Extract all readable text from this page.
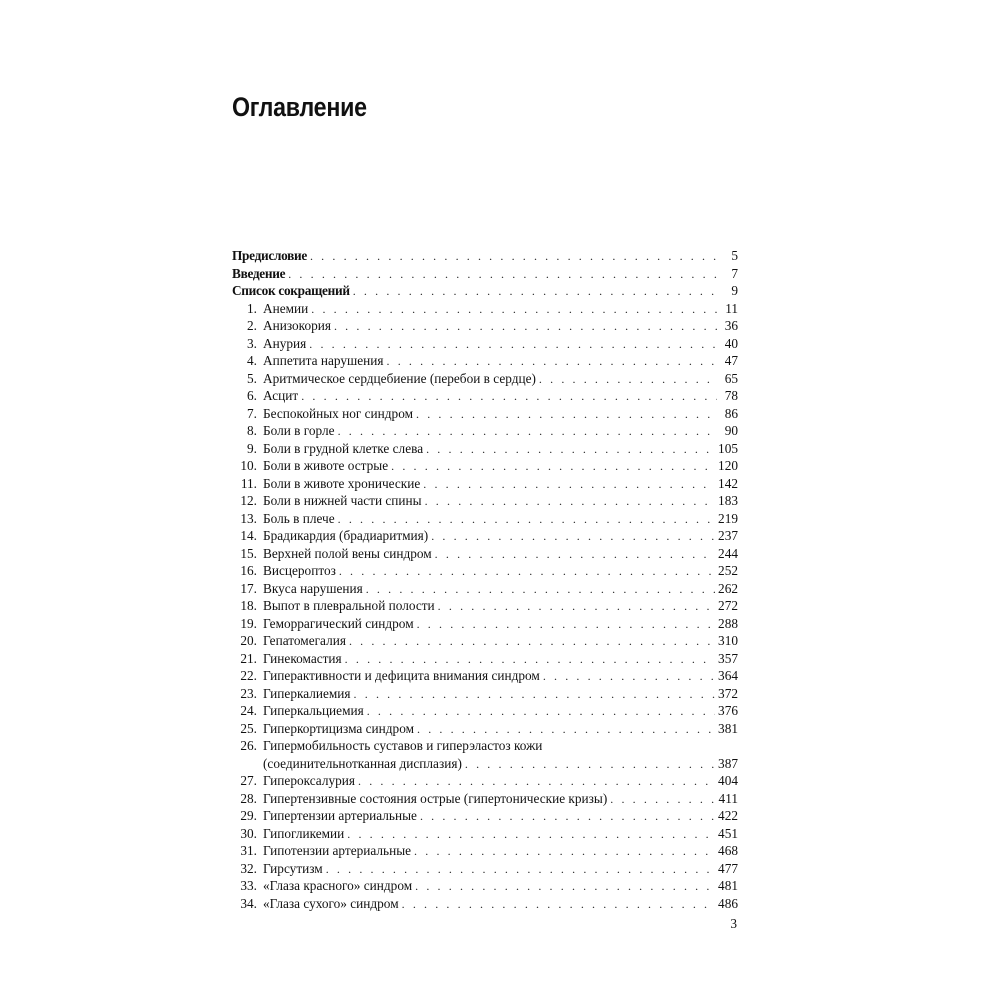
Оглавление
Предисловие . . .	5
Введение . . .	7
Список сокращений . . .	9
1. Анемии . . .	11
2. Анизокория . . .	36
3. Анурия . . .	40
4. Аппетита нарушения . . .	47
5. Аритмическое сердцебиение (перебои в сердце) . . .	65
6. Асцит . . .	78
7. Беспокойных ног синдром . . .	86
8. Боли в горле . . .	90
9. Боли в грудной клетке слева . . .	105
10. Боли в животе острые . . .	120
11. Боли в животе хронические . . .	142
12. Боли в нижней части спины . . .	183
13. Боль в плече . . .	219
14. Брадикардия (брадиаритмия) . . .	237
15. Верхней полой вены синдром . . .	244
16. Висцероптоз . . .	252
17. Вкуса нарушения . . .	262
18. Выпот в плевральной полости . . .	272
19. Геморрагический синдром . . .	288
20. Гепатомегалия . . .	310
21. Гинекомастия . . .	357
22. Гиперактивности и дефицита внимания синдром . . .	364
23. Гиперкалиемия . . .	372
24. Гиперкальциемия . . .	376
25. Гиперкортицизма синдром . . .	381
26. Гипермобильность суставов и гиперэластоз кожи
(соединительнотканная дисплазия) . . .	387
27. Гипероксалурия . . .	404
28. Гипертензивные состояния острые (гипертонические кризы) . . .	411
29. Гипертензии артериальные . . .	422
30. Гипогликемии . . .	451
31. Гипотензии артериальные . . .	468
32. Гирсутизм . . .	477
33. «Глаза красного» синдром . . .	481
34. «Глаза сухого» синдром . . .	486
3
